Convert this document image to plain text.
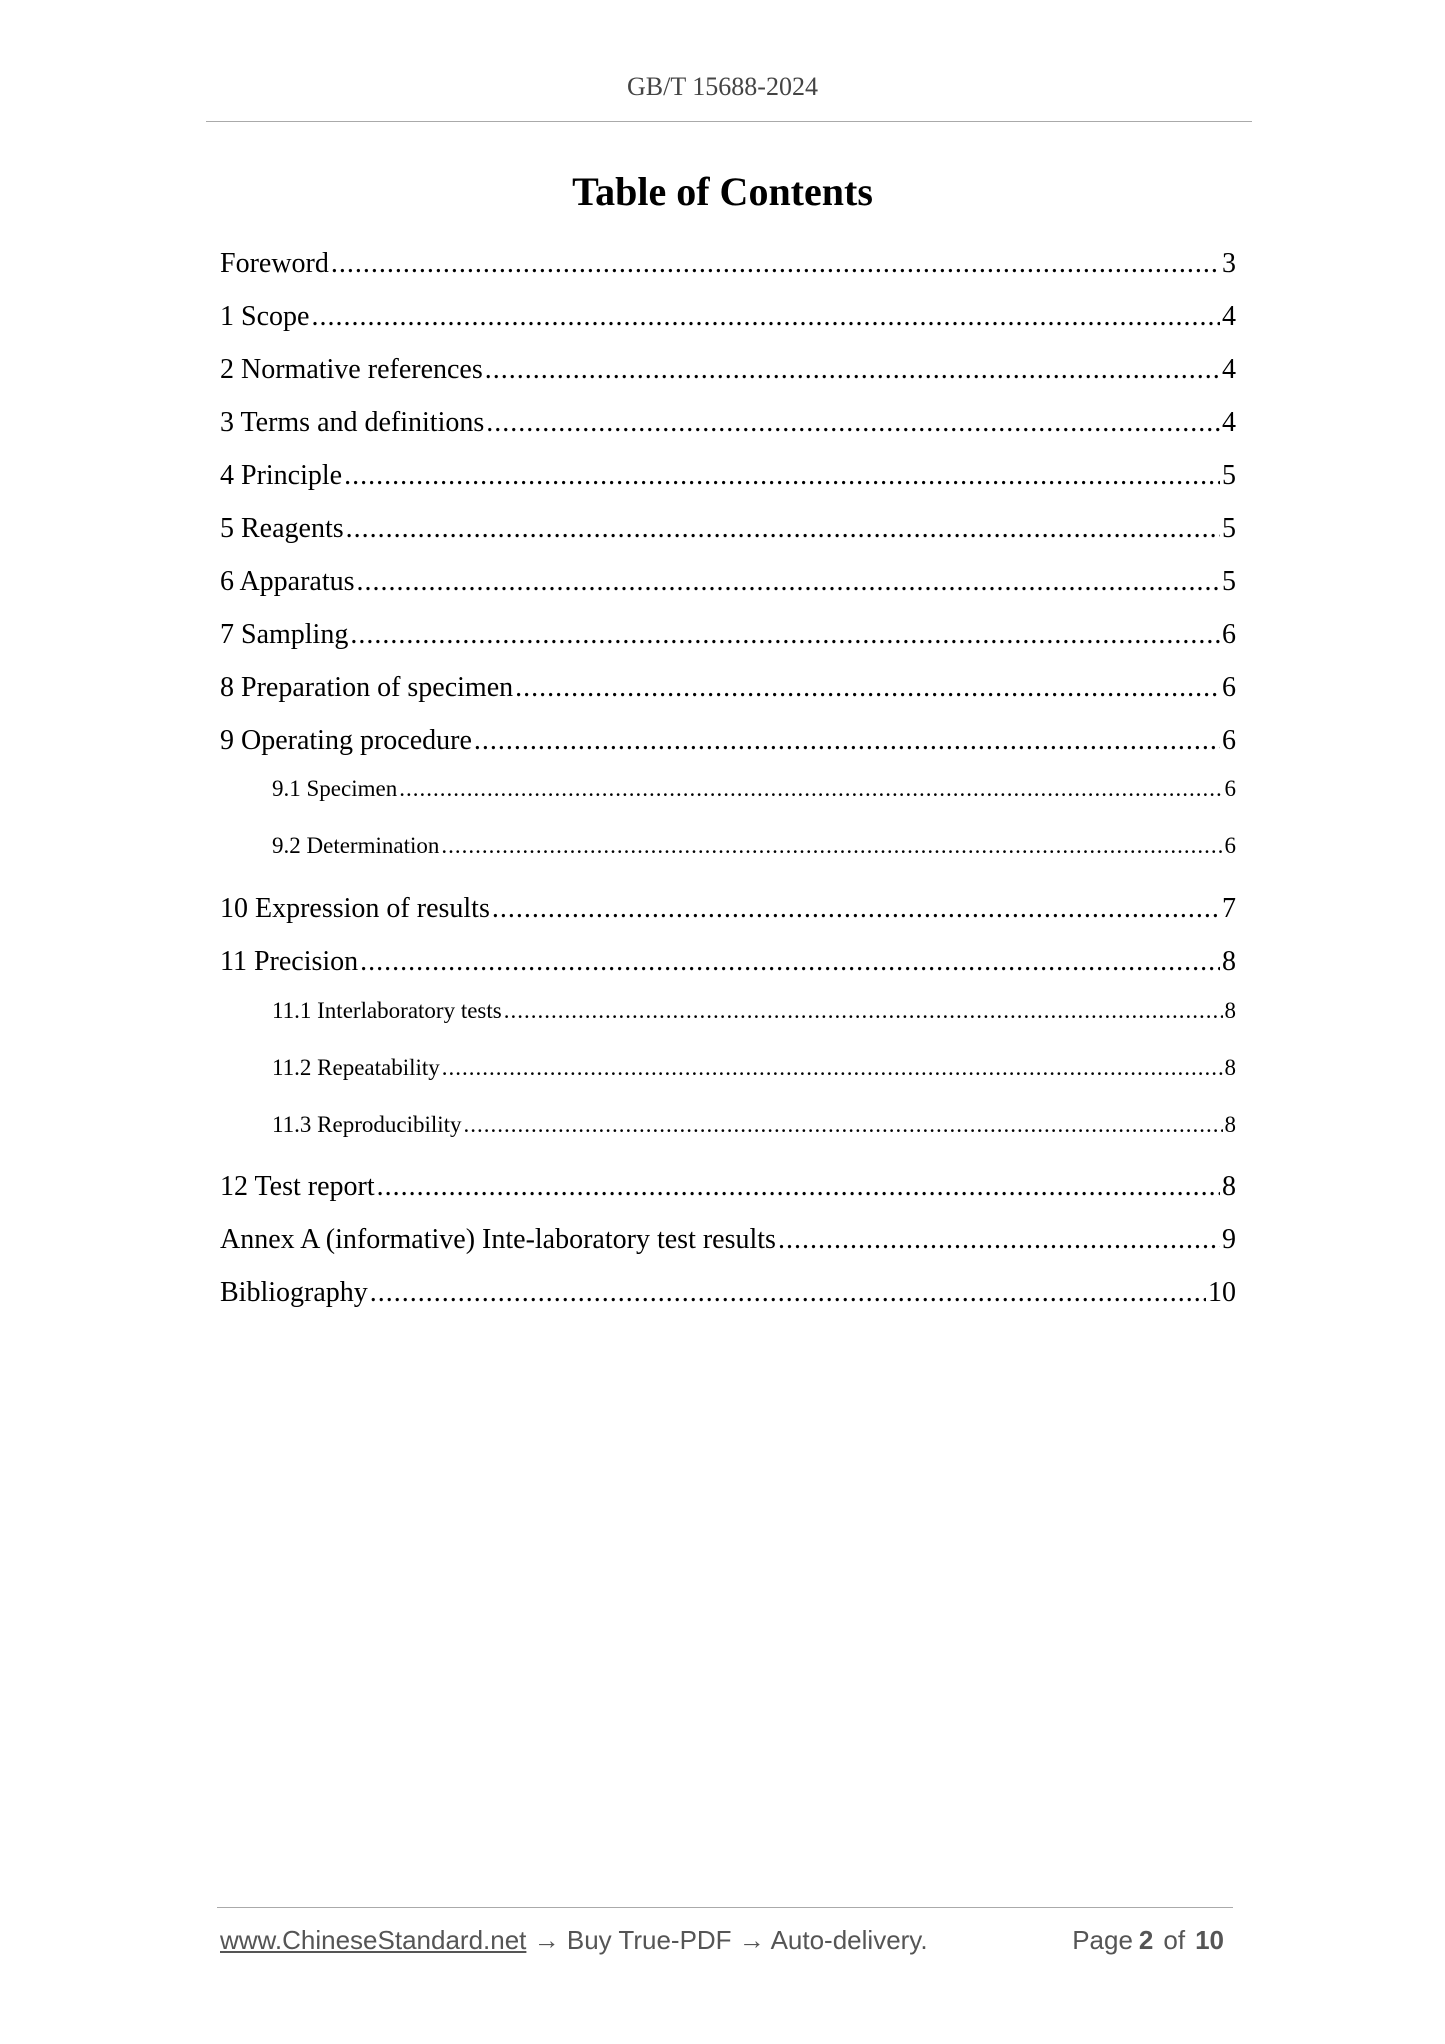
GB/T 15688-2024
Table of Contents
Foreword .....	3
1 Scope .....	4
2 Normative references .....	4
3 Terms and definitions .....	4
4 Principle .....	5
5 Reagents .....	5
6 Apparatus .....	5
7 Sampling .....	6
8 Preparation of specimen .....	6
9 Operating procedure .....	6
9.1 Specimen .....	6
9.2 Determination .....	6
10 Expression of results .....	7
11 Precision .....	8
11.1 Interlaboratory tests .....	8
11.2 Repeatability .....	8
11.3 Reproducibility .....	8
12 Test report .....	8
Annex A (informative) Inte-laboratory test results .....	9
Bibliography .....	10
www.ChineseStandard.net → Buy True-PDF → Auto-delivery.	Page 2 of 10
